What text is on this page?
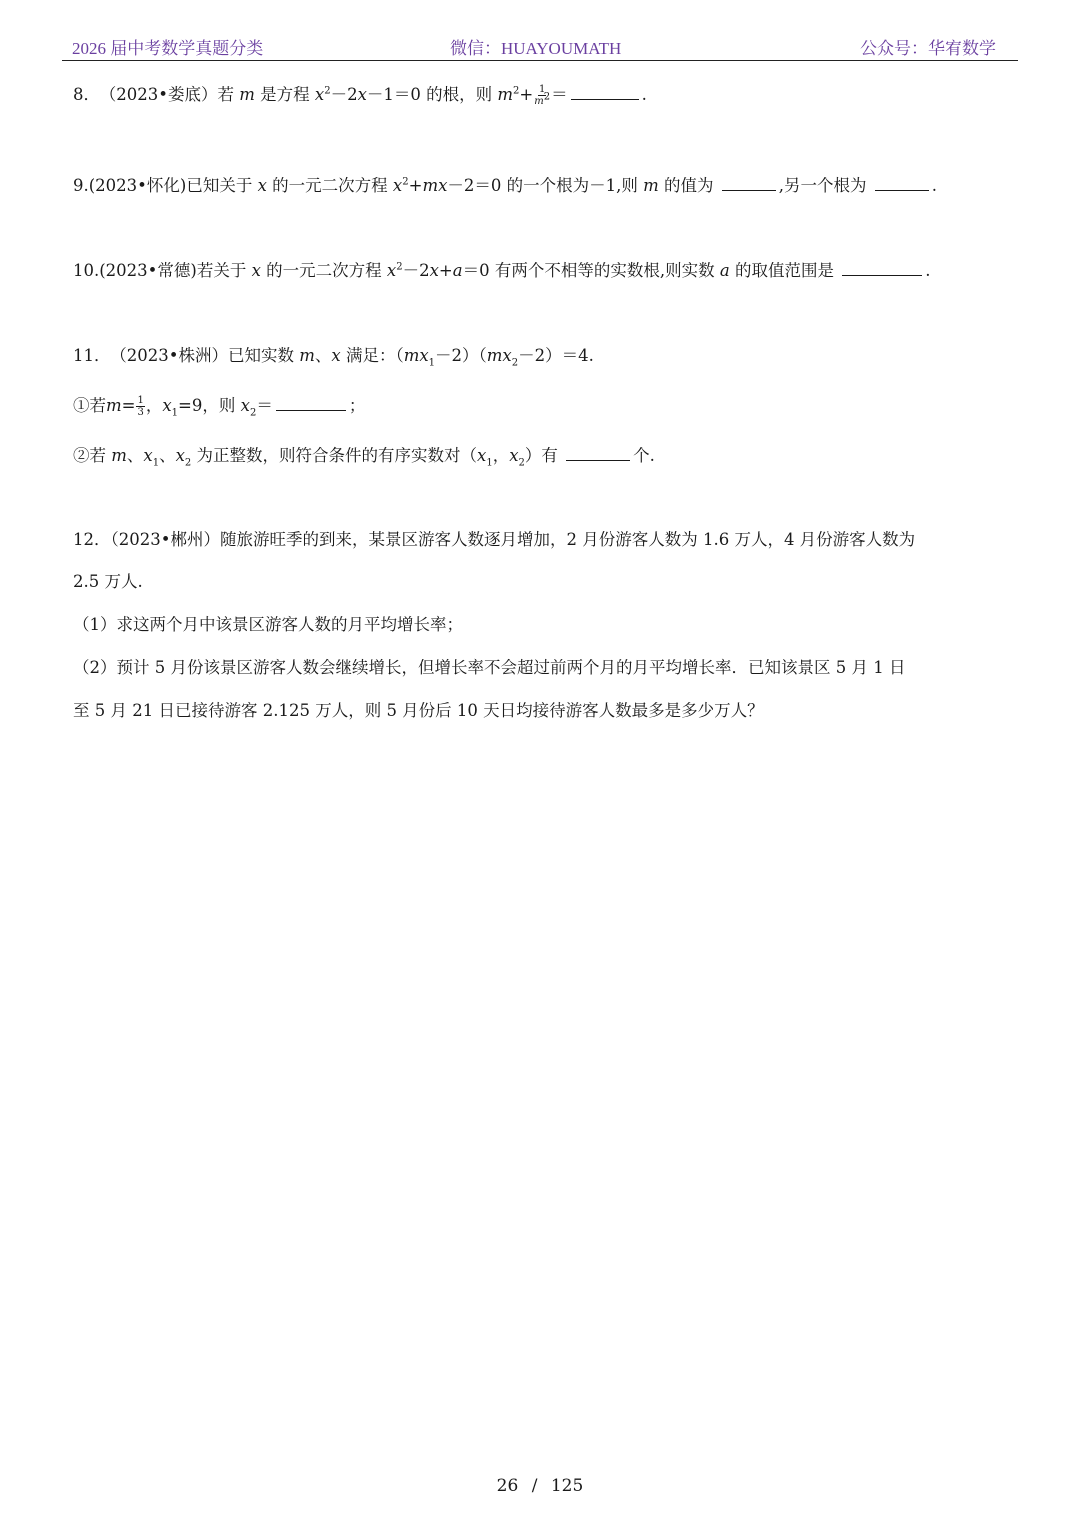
2026 届中考数学真题分类	微信：HUAYOUMATH	公众号：华宥数学
8． （2023•娄底）若 m 是方程 $x^2-2x-1=0$ 的根，则 $m^2+ \frac{1}{m^2}$ ＝	.
9.(2023•怀化)已知关于 x 的一元二次方程 $x^2+mx-2=0$ 的一个根为－1,则 m 的值为	,另一个根为	.
10.(2023•常德)若关于 x 的一元二次方程 $x^2-2x+a=0$ 有两个不相等的实数根,则实数 a 的取值范围是	.
11． （2023•株洲）已知实数 m、x 满足：$(mx_1-2)(mx_2-2)=4$.
①若$m= \frac{1}{3}$ ，$x_1=9$，则 $x_2=$	；
②若 m、$x_1$、$x_2$ 为正整数，则符合条件的有序实数对（$x_1$，$x_2$）有	个.
12．（2023•郴州）随旅游旺季的到来，某景区游客人数逐月增加，2 月份游客人数为 1.6 万人，4 月份游客人数为
2.5 万人.
（1）求这两个月中该景区游客人数的月平均增长率；
（2）预计 5 月份该景区游客人数会继续增长，但增长率不会超过前两个月的月平均增长率．已知该景区 5 月 1 日
至 5 月 21 日已接待游客 2.125 万人，则 5 月份后 10 天日均接待游客人数最多是多少万人？
26 / 125
